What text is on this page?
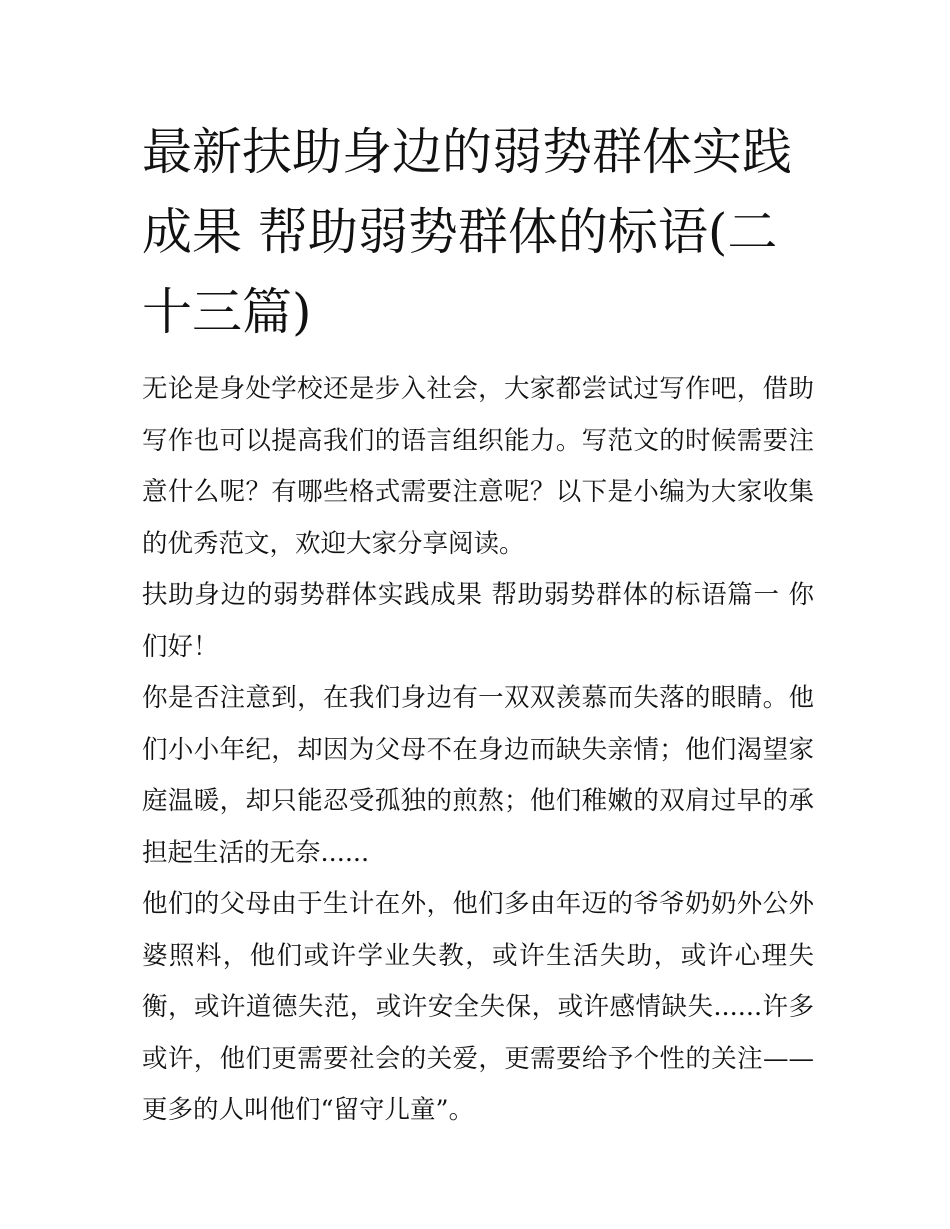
最新扶助身边的弱势群体实践成果 帮助弱势群体的标语(二十三篇)

无论是身处学校还是步入社会，大家都尝试过写作吧，借助写作也可以提高我们的语言组织能力。写范文的时候需要注意什么呢？有哪些格式需要注意呢？以下是小编为大家收集的优秀范文，欢迎大家分享阅读。

扶助身边的弱势群体实践成果 帮助弱势群体的标语篇一 你们好！

你是否注意到，在我们身边有一双双羡慕而失落的眼睛。他们小小年纪，却因为父母不在身边而缺失亲情；他们渴望家庭温暖，却只能忍受孤独的煎熬；他们稚嫩的双肩过早的承担起生活的无奈......

他们的父母由于生计在外，他们多由年迈的爷爷奶奶外公外婆照料，他们或许学业失教，或许生活失助，或许心理失衡，或许道德失范，或许安全失保，或许感情缺失......许多或许，他们更需要社会的关爱，更需要给予个性的关注——更多的人叫他们“留守儿童”。
